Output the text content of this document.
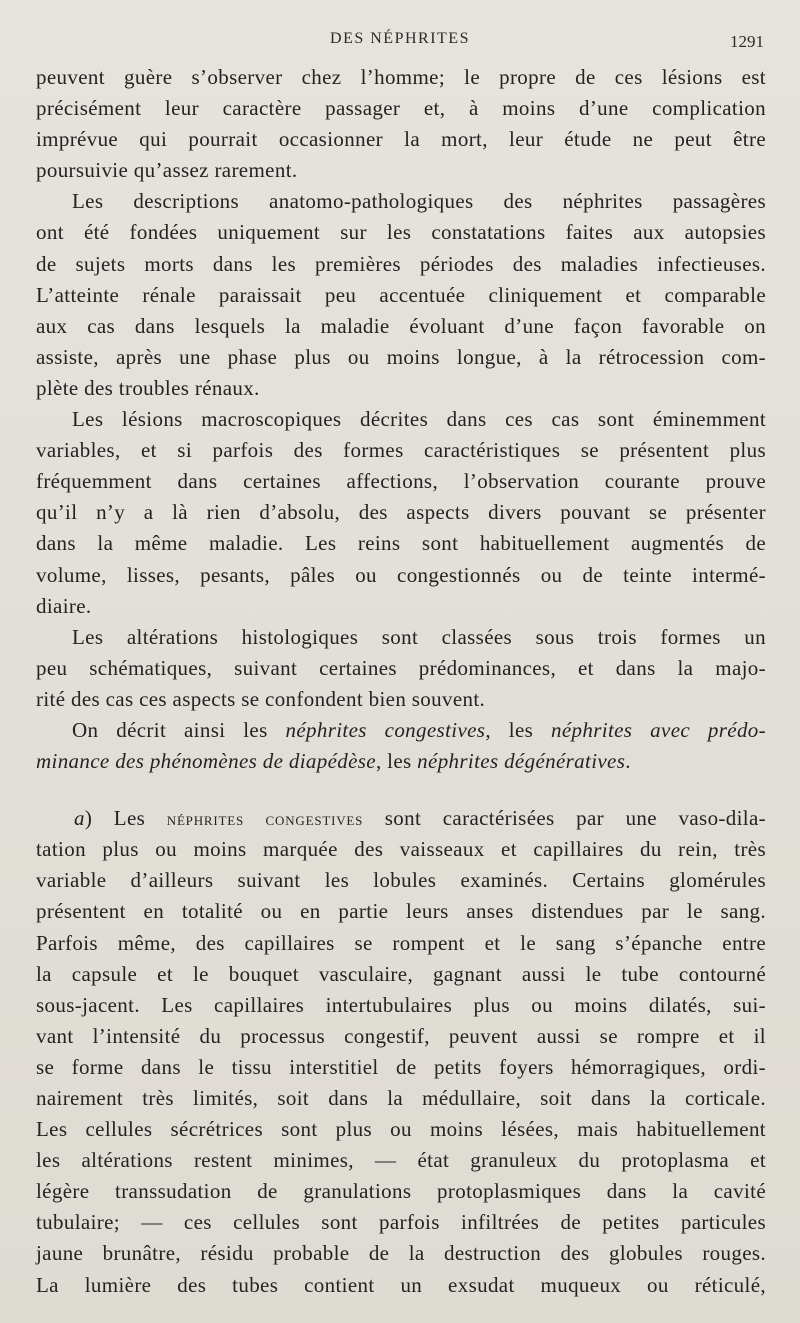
DES NÉPHRITES	1291
peuvent guère s’observer chez l’homme; le propre de ces lésions est
précisément leur caractère passager et, à moins d’une complication
imprévue qui pourrait occasionner la mort, leur étude ne peut être
poursuivie qu’assez rarement.
Les descriptions anatomo-pathologiques des néphrites passagères
ont été fondées uniquement sur les constatations faites aux autopsies
de sujets morts dans les premières périodes des maladies infectieuses.
L’atteinte rénale paraissait peu accentuée cliniquement et comparable
aux cas dans lesquels la maladie évoluant d’une façon favorable on
assiste, après une phase plus ou moins longue, à la rétrocession com-
plète des troubles rénaux.
Les lésions macroscopiques décrites dans ces cas sont éminemment
variables, et si parfois des formes caractéristiques se présentent plus
fréquemment dans certaines affections, l’observation courante prouve
qu’il n’y a là rien d’absolu, des aspects divers pouvant se présenter
dans la même maladie. Les reins sont habituellement augmentés de
volume, lisses, pesants, pâles ou congestionnés ou de teinte intermé-
diaire.
Les altérations histologiques sont classées sous trois formes un
peu schématiques, suivant certaines prédominances, et dans la majo-
rité des cas ces aspects se confondent bien souvent.
On décrit ainsi les néphrites congestives, les néphrites avec prédo-
minance des phénomènes de diapédèse, les néphrites dégénératives.
a) Les néphrites congestives sont caractérisées par une vaso-dila-
tation plus ou moins marquée des vaisseaux et capillaires du rein, très
variable d’ailleurs suivant les lobules examinés. Certains glomérules
présentent en totalité ou en partie leurs anses distendues par le sang.
Parfois même, des capillaires se rompent et le sang s’épanche entre
la capsule et le bouquet vasculaire, gagnant aussi le tube contourné
sous-jacent. Les capillaires intertubulaires plus ou moins dilatés, sui-
vant l’intensité du processus congestif, peuvent aussi se rompre et il
se forme dans le tissu interstitiel de petits foyers hémorragiques, ordi-
nairement très limités, soit dans la médullaire, soit dans la corticale.
Les cellules sécrétrices sont plus ou moins lésées, mais habituellement
les altérations restent minimes, — état granuleux du protoplasma et
légère transsudation de granulations protoplasmiques dans la cavité
tubulaire; — ces cellules sont parfois infiltrées de petites particules
jaune brunâtre, résidu probable de la destruction des globules rouges.
La lumière des tubes contient un exsudat muqueux ou réticulé,
